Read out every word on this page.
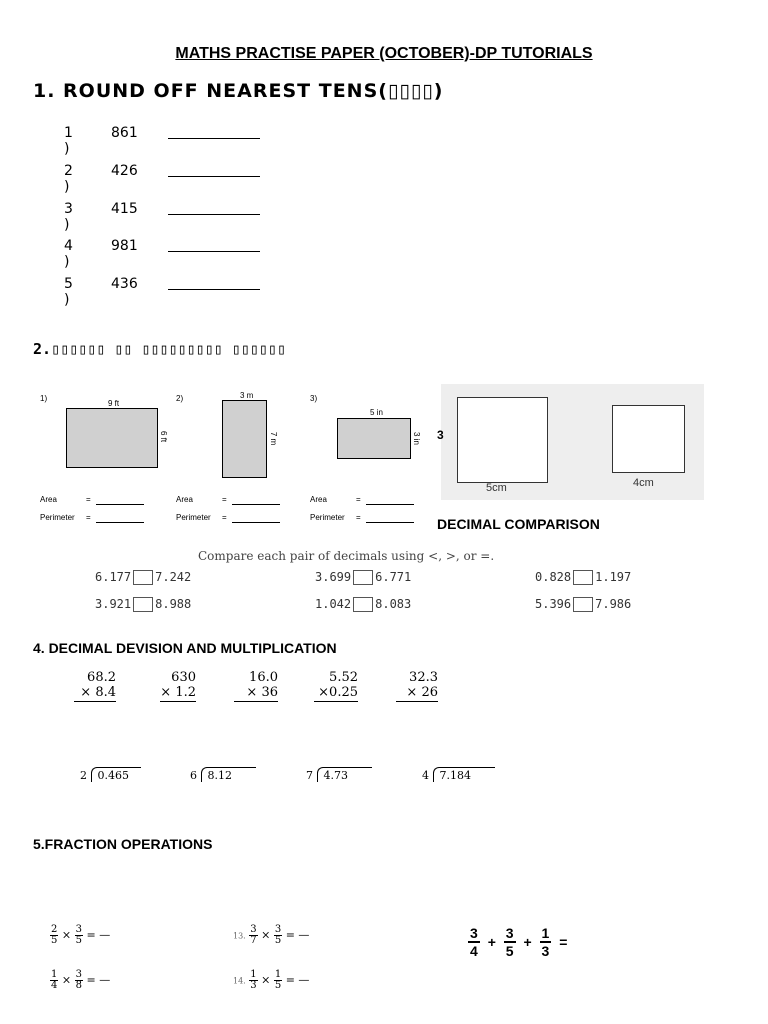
MATHS PRACTISE PAPER (OCTOBER)-DP TUTORIALS
1. ROUND OFF NEAREST TENS(▯▯▯▯)
1 )
861
2 )
426
3 )
415
4 )
981
5 )
436
2.▯▯▯▯▯▯ ▯▯ ▯▯▯▯▯▯▯▯▯ ▯▯▯▯▯▯
1)
9 ft
6 ft
2)	3 m
7 m
3)
5 in
3 in
Area	=
Perimeter =
Area	=
Perimeter =
Area	=
Perimeter =
5cm	4cm
3
DECIMAL COMPARISON
Compare each pair of decimals using <, >, or =.
6.177 7.242	3.699 6.771	0.828 1.197
3.921 8.988	1.042 8.083	5.396 7.986
4. DECIMAL DEVISION AND MULTIPLICATION
68.2
× 8.4
630
× 1.2
16.0
× 36
5.52
×0.25
32.3
× 26
2 0.465	6 8.12	7 4.73	4 7.184
5.FRACTION OPERATIONS
$\frac{2}{5} \times \frac{3}{5}$ = —
$\frac{1}{4} \times \frac{3}{8}$ = —
13. $\frac{3}{7} \times \frac{3}{5}$ = —
14. $\frac{1}{3} \times \frac{1}{5}$ = —
$\frac{3}{4} + \frac{3}{5} + \frac{1}{3}$ =
